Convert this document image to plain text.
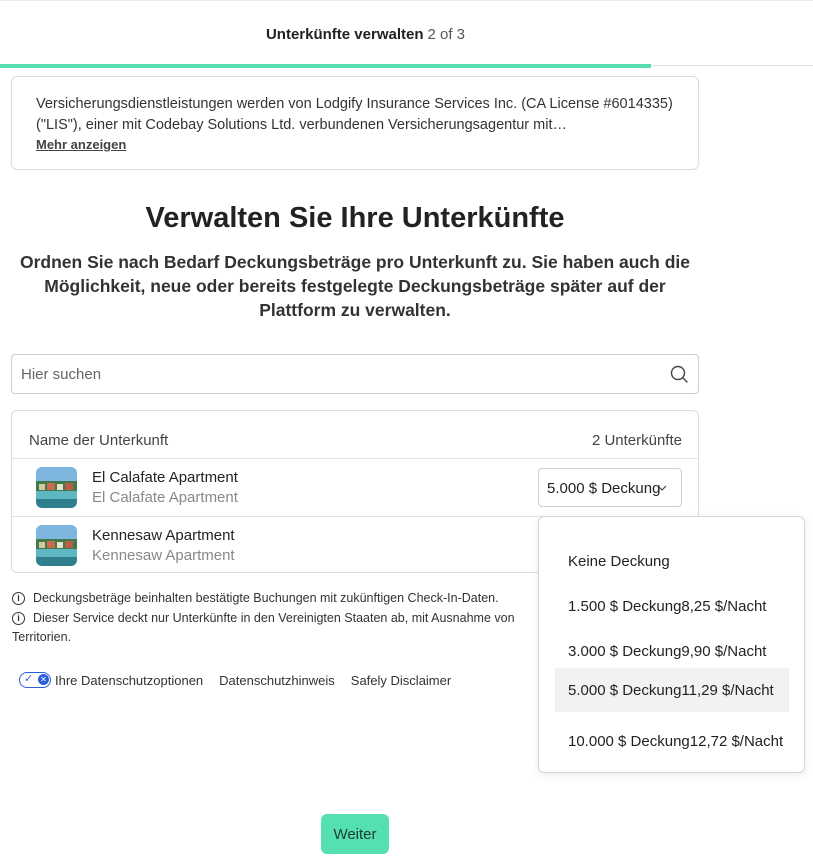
Unterkünfte verwalten 2 of 3
Versicherungsdienstleistungen werden von Lodgify Insurance Services Inc. (CA License #6014335) ("LIS"), einer mit Codebay Solutions Ltd. verbundenen Versicherungsagentur mit…
Mehr anzeigen
Verwalten Sie Ihre Unterkünfte
Ordnen Sie nach Bedarf Deckungsbeträge pro Unterkunft zu. Sie haben auch die Möglichkeit, neue oder bereits festgelegte Deckungsbeträge später auf der Plattform zu verwalten.
Hier suchen
Name der Unterkunft	2 Unterkünfte
El Calafate Apartment
El Calafate Apartment
5.000 $ Deckung
Kennesaw Apartment
Kennesaw Apartment
i Deckungsbeträge beinhalten bestätigte Buchungen mit zukünftigen Check-In-Daten.
i Dieser Service deckt nur Unterkünfte in den Vereinigten Staaten ab, mit Ausnahme von
Territorien.
✓ ✕ Ihre Datenschutzoptionen Datenschutzhinweis Safely Disclaimer
Keine Deckung
1.500 $ Deckung8,25 $/Nacht
3.000 $ Deckung9,90 $/Nacht
5.000 $ Deckung11,29 $/Nacht
10.000 $ Deckung12,72 $/Nacht
Weiter
